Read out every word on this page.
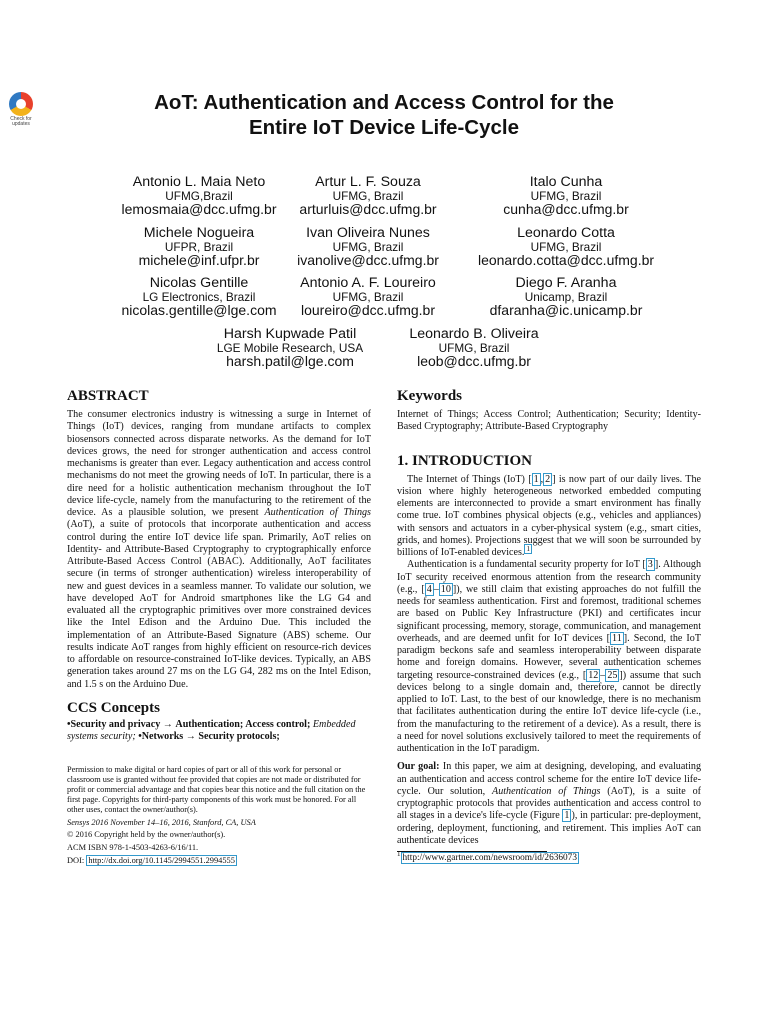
Check for
updates
AoT: Authentication and Access Control for the
Entire IoT Device Life-Cycle
Antonio L. Maia Neto
UFMG,Brazil
lemosmaia@dcc.ufmg.br
Artur L. F. Souza
UFMG, Brazil
arturluis@dcc.ufmg.br
Italo Cunha
UFMG, Brazil
cunha@dcc.ufmg.br
Michele Nogueira
UFPR, Brazil
michele@inf.ufpr.br
Ivan Oliveira Nunes
UFMG, Brazil
ivanolive@dcc.ufmg.br
Leonardo Cotta
UFMG, Brazil
leonardo.cotta@dcc.ufmg.br
Nicolas Gentille
LG Electronics, Brazil
nicolas.gentille@lge.com
Antonio A. F. Loureiro
UFMG, Brazil
loureiro@dcc.ufmg.br
Diego F. Aranha
Unicamp, Brazil
dfaranha@ic.unicamp.br
Harsh Kupwade Patil
LGE Mobile Research, USA
harsh.patil@lge.com
Leonardo B. Oliveira
UFMG, Brazil
leob@dcc.ufmg.br
ABSTRACT
The consumer electronics industry is witnessing a surge in Internet of Things (IoT) devices, ranging from mundane artifacts to complex biosensors connected across disparate networks. As the demand for IoT devices grows, the need for stronger authentication and access control mechanisms is greater than ever. Legacy authentication and access control mechanisms do not meet the growing needs of IoT. In particular, there is a dire need for a holistic authentication mechanism throughout the IoT device life-cycle, namely from the manufacturing to the retirement of the device. As a plausible solution, we present Authentication of Things (AoT), a suite of protocols that incorporate authentication and access control during the entire IoT device life span. Primarily, AoT relies on Identity- and Attribute-Based Cryptography to cryptographically enforce Attribute-Based Access Control (ABAC). Additionally, AoT facilitates secure (in terms of stronger authentication) wireless interoperability of new and guest devices in a seamless manner. To validate our solution, we have developed AoT for Android smartphones like the LG G4 and evaluated all the cryptographic primitives over more constrained devices like the Intel Edison and the Arduino Due. This included the implementation of an Attribute-Based Signature (ABS) scheme. Our results indicate AoT ranges from highly efficient on resource-rich devices to affordable on resource-constrained IoT-like devices. Typically, an ABS generation takes around 27 ms on the LG G4, 282 ms on the Intel Edison, and 1.5 s on the Arduino Due.
CCS Concepts
•Security and privacy → Authentication; Access control; Embedded systems security; •Networks → Security protocols;
Permission to make digital or hard copies of part or all of this work for personal or classroom use is granted without fee provided that copies are not made or distributed for profit or commercial advantage and that copies bear this notice and the full citation on the first page. Copyrights for third-party components of this work must be honored. For all other uses, contact the owner/author(s).
Sensys 2016 November 14–16, 2016, Stanford, CA, USA
© 2016 Copyright held by the owner/author(s).
ACM ISBN 978-1-4503-4263-6/16/11.
DOI: http://dx.doi.org/10.1145/2994551.2994555
Keywords
Internet of Things; Access Control; Authentication; Security; Identity-Based Cryptography; Attribute-Based Cryptography
1. INTRODUCTION

The Internet of Things (IoT) [ 1 , 2 ] is now part of our daily lives. The vision where highly heterogeneous networked embedded computing elements are interconnected to provide a smart environment has finally come true. IoT combines physical objects (e.g., vehicles and appliances) with sensors and actuators in a cyber-physical system (e.g., smart cities, grids, and homes). Projections suggest that we will soon be surrounded by billions of IoT-enabled devices. $^1$

Authentication is a fundamental security property for IoT [ 3 ]. Although IoT security received enormous attention from the research community (e.g., [ 4 – 10 ]), we still claim that existing approaches do not fulfill the needs for seamless authentication. First and foremost, traditional schemes are based on Public Key Infrastructure (PKI) and certificates incur significant processing, memory, storage, communication, and management overheads, and are deemed unfit for IoT devices [ 11 ]. Second, the IoT paradigm beckons safe and seamless interoperability between disparate home and foreign domains. However, several authentication schemes targeting resource-constrained devices (e.g., [ 12 – 25 ]) assume that such devices belong to a single domain and, therefore, cannot be directly applied to IoT. Last, to the best of our knowledge, there is no mechanism that facilitates authentication during the entire IoT device life-cycle (i.e., from the manufacturing to the retirement of a device). As a result, there is a need for novel solutions exclusively tailored to meet the requirements of authentication in the IoT paradigm.

Our goal: In this paper, we aim at designing, developing, and evaluating an authentication and access control scheme for the entire IoT device life-cycle. Our solution, Authentication of Things (AoT), is a suite of cryptographic protocols that provides authentication and access control to all stages in a device's life-cycle (Figure 1 ), in particular: pre-deployment, ordering, deployment, functioning, and retirement. This implies AoT can authenticate devices

$^1$ http://www.gartner.com/newsroom/id/2636073
